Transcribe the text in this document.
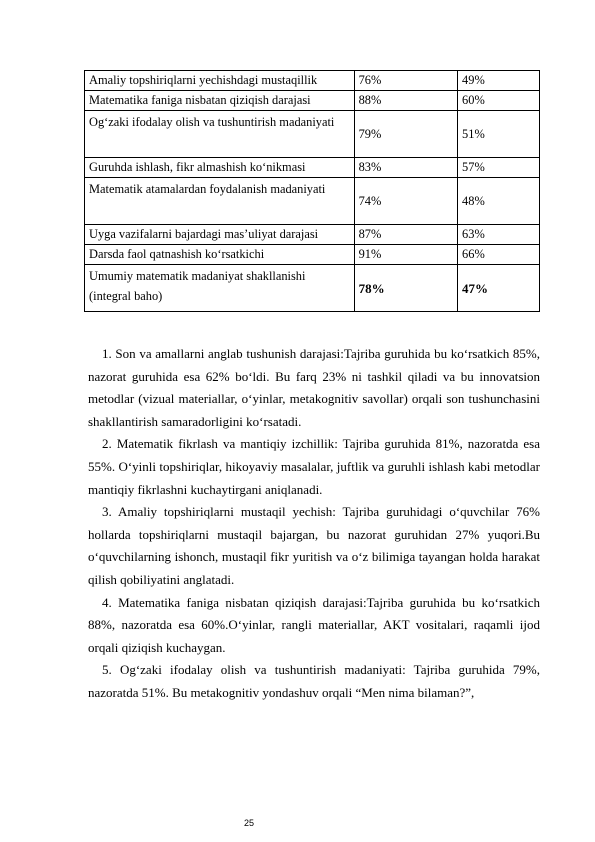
Amaliy topshiriqlarni yechishdagi mustaqillik	76%	49%
Matematika faniga nisbatan qiziqish darajasi	88%	60%
Og‘zaki ifodalay olish va tushuntirish madaniyati	79%	51%
Guruhda ishlash, fikr almashish ko‘nikmasi	83%	57%
Matematik atamalardan foydalanish madaniyati	74%	48%
Uyga vazifalarni bajardagi mas’uliyat darajasi	87%	63%
Darsda faol qatnashish ko‘rsatkichi	91%	66%
Umumiy matematik madaniyat shakllanishi (integral baho)	78%	47%

1. Son va amallarni anglab tushunish darajasi:Tajriba guruhida bu ko‘rsatkich 85%, nazorat guruhida esa 62% bo‘ldi. Bu farq 23% ni tashkil qiladi va bu innovatsion metodlar (vizual materiallar, o‘yinlar, metakognitiv savollar) orqali son tushunchasini shakllantirish samaradorligini ko‘rsatadi.

2. Matematik fikrlash va mantiqiy izchillik: Tajriba guruhida 81%, nazoratda esa 55%. O‘yinli topshiriqlar, hikoyaviy masalalar, juftlik va guruhli ishlash kabi metodlar mantiqiy fikrlashni kuchaytirgani aniqlanadi.

3. Amaliy topshiriqlarni mustaqil yechish: Tajriba guruhidagi o‘quvchilar 76% hollarda topshiriqlarni mustaqil bajargan, bu nazorat guruhidan 27% yuqori.Bu o‘quvchilarning ishonch, mustaqil fikr yuritish va o‘z bilimiga tayangan holda harakat qilish qobiliyatini anglatadi.

4. Matematika faniga nisbatan qiziqish darajasi:Tajriba guruhida bu ko‘rsatkich 88%, nazoratda esa 60%.O‘yinlar, rangli materiallar, AKT vositalari, raqamli ijod orqali qiziqish kuchaygan.

5. Og‘zaki ifodalay olish va tushuntirish madaniyati: Tajriba guruhida 79%, nazoratda 51%. Bu metakognitiv yondashuv orqali “Men nima bilaman?”,

25
